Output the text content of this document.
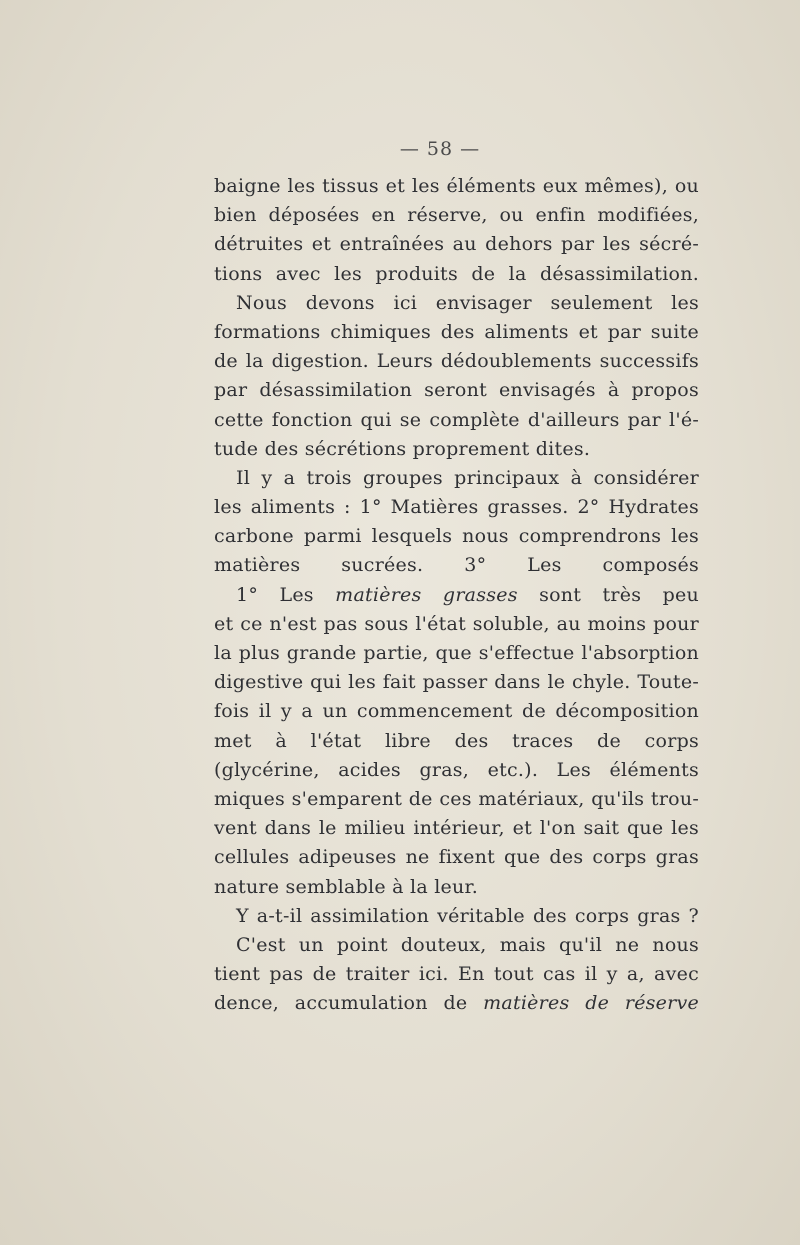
— 58 —
baigne les tissus et les éléments eux mêmes), ou
bien déposées en réserve, ou enfin modifiées,
détruites et entraînées au dehors par les sécré-
tions avec les produits de la désassimilation.
Nous devons ici envisager seulement les
formations chimiques des aliments et par suite
de la digestion. Leurs dédoublements successifs
par désassimilation seront envisagés à propos
cette fonction qui se complète d'ailleurs par l'é-
tude des sécrétions proprement dites.
Il y a trois groupes principaux à considérer
les aliments : 1° Matières grasses. 2° Hydrates
carbone parmi lesquels nous comprendrons les
matières sucrées. 3° Les composés
1° Les matières grasses sont très peu
et ce n'est pas sous l'état soluble, au moins pour
la plus grande partie, que s'effectue l'absorption
digestive qui les fait passer dans le chyle. Toute-
fois il y a un commencement de décomposition
met à l'état libre des traces de corps
(glycérine, acides gras, etc.). Les éléments
miques s'emparent de ces matériaux, qu'ils trou-
vent dans le milieu intérieur, et l'on sait que les
cellules adipeuses ne fixent que des corps gras
nature semblable à la leur.
Y a-t-il assimilation véritable des corps gras ?
C'est un point douteux, mais qu'il ne nous
tient pas de traiter ici. En tout cas il y a, avec
dence, accumulation de matières de réserve
